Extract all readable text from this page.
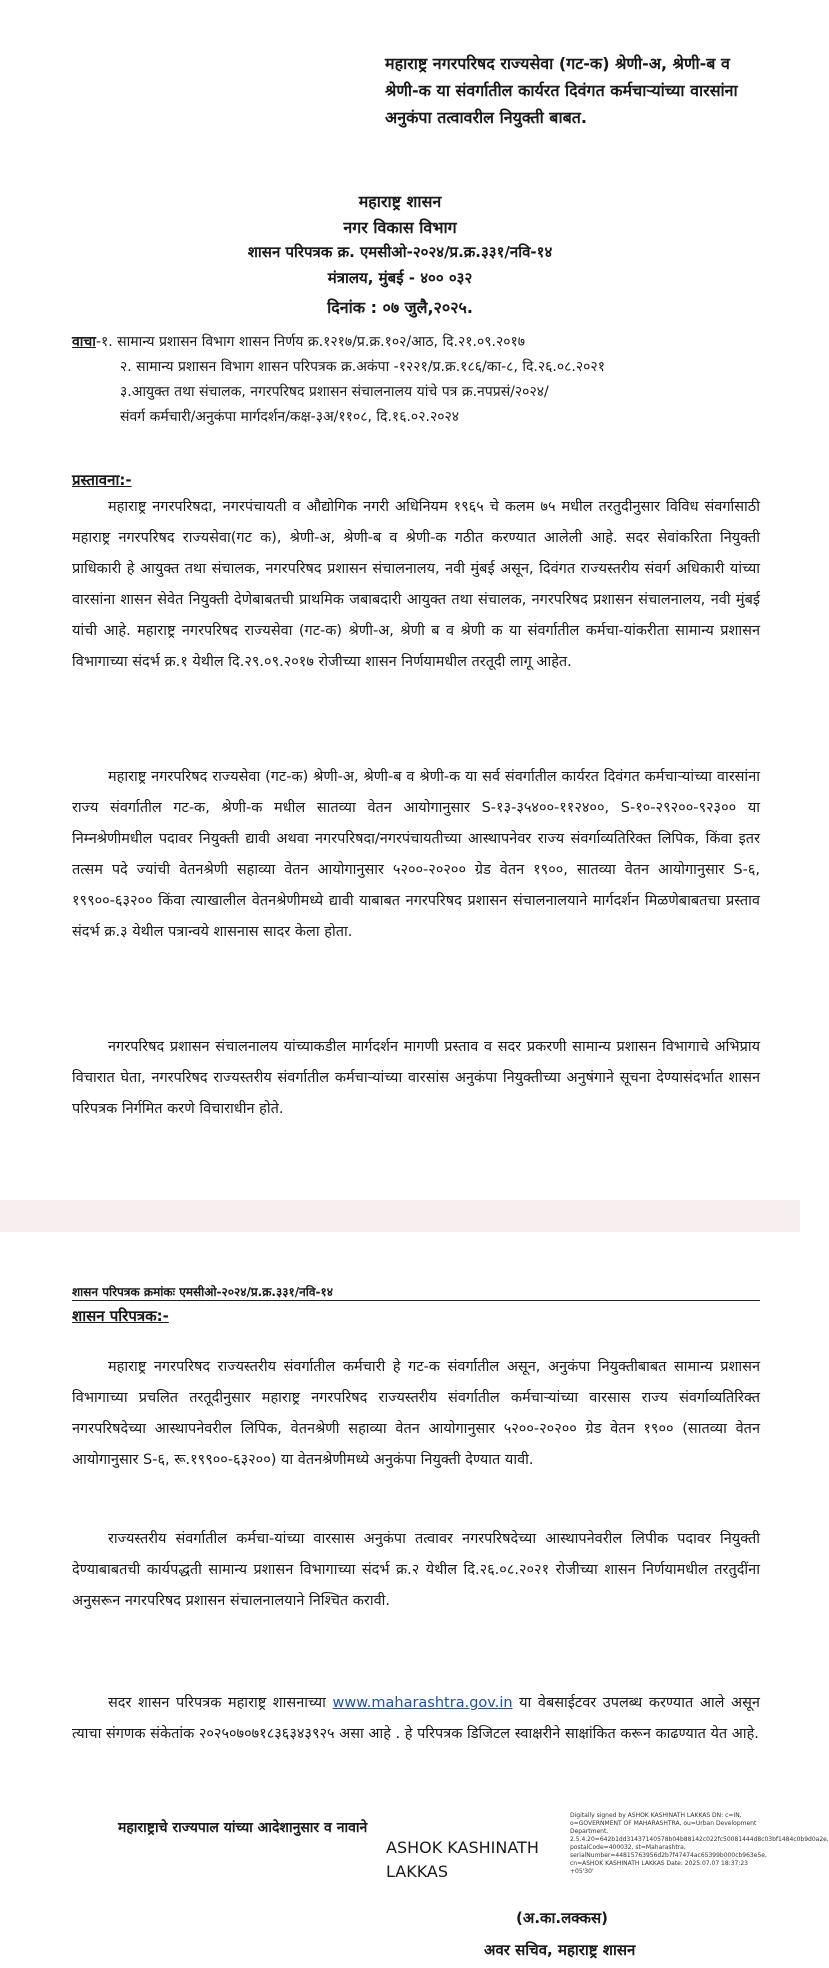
महाराष्ट्र नगरपरिषद राज्यसेवा (गट-क) श्रेणी-अ, श्रेणी-ब व श्रेणी-क या संवर्गातील कार्यरत दिवंगत कर्मचाऱ्यांच्या वारसांना अनुकंपा तत्वावरील नियुक्ती बाबत.
महाराष्ट्र शासन
नगर विकास विभाग
शासन परिपत्रक क्र. एमसीओ-२०२४/प्र.क्र.३३१/नवि-१४
मंत्रालय, मुंबई - ४०० ०३२
दिनांक : ०७ जुलै,२०२५.
वाचा-१. सामान्य प्रशासन विभाग शासन निर्णय क्र.१२१७/प्र.क्र.१०२/आठ, दि.२१.०९.२०१७
२. सामान्य प्रशासन विभाग शासन परिपत्रक क्र.अकंपा -१२२१/प्र.क्र.१८६/का-८, दि.२६.०८.२०२१
३.आयुक्त तथा संचालक, नगरपरिषद प्रशासन संचालनालय यांचे पत्र क्र.नपप्रसं/२०२४/
संवर्ग कर्मचारी/अनुकंपा मार्गदर्शन/कक्ष-३अ/११०८, दि.१६.०२.२०२४
प्रस्तावना:-
महाराष्ट्र नगरपरिषदा, नगरपंचायती व औद्योगिक नगरी अधिनियम १९६५ चे कलम ७५ मधील तरतुदीनुसार विविध संवर्गासाठी महाराष्ट्र नगरपरिषद राज्यसेवा(गट क), श्रेणी-अ, श्रेणी-ब व श्रेणी-क गठीत करण्यात आलेली आहे. सदर सेवांकरिता नियुक्ती प्राधिकारी हे आयुक्त तथा संचालक, नगरपरिषद प्रशासन संचालनालय, नवी मुंबई असून, दिवंगत राज्यस्तरीय संवर्ग अधिकारी यांच्या वारसांना शासन सेवेत नियुक्ती देणेबाबतची प्राथमिक जबाबदारी आयुक्त तथा संचालक, नगरपरिषद प्रशासन संचालनालय, नवी मुंबई यांची आहे. महाराष्ट्र नगरपरिषद राज्यसेवा (गट-क) श्रेणी-अ, श्रेणी ब व श्रेणी क या संवर्गातील कर्मचा-यांकरीता सामान्य प्रशासन विभागाच्या संदर्भ क्र.१ येथील दि.२९.०९.२०१७ रोजीच्या शासन निर्णयामधील तरतूदी लागू आहेत.
महाराष्ट्र नगरपरिषद राज्यसेवा (गट-क) श्रेणी-अ, श्रेणी-ब व श्रेणी-क या सर्व संवर्गातील कार्यरत दिवंगत कर्मचाऱ्यांच्या वारसांना राज्य संवर्गातील गट-क, श्रेणी-क मधील सातव्या वेतन आयोगानुसार S-१३-३५४००-११२४००, S-१०-२९२००-९२३०० या निम्नश्रेणीमधील पदावर नियुक्ती द्यावी अथवा नगरपरिषदा/नगरपंचायतीच्या आस्थापनेवर राज्य संवर्गाव्यतिरिक्त लिपिक, किंवा इतर तत्सम पदे ज्यांची वेतनश्रेणी सहाव्या वेतन आयोगानुसार ५२००-२०२०० ग्रेड वेतन १९००, सातव्या वेतन आयोगानुसार S-६, १९९००-६३२०० किंवा त्याखालील वेतनश्रेणीमध्ये द्यावी याबाबत नगरपरिषद प्रशासन संचालनालयाने मार्गदर्शन मिळणेबाबतचा प्रस्ताव संदर्भ क्र.३ येथील पत्रान्वये शासनास सादर केला होता.
नगरपरिषद प्रशासन संचालनालय यांच्याकडील मार्गदर्शन मागणी प्रस्ताव व सदर प्रकरणी सामान्य प्रशासन विभागाचे अभिप्राय विचारात घेता, नगरपरिषद राज्यस्तरीय संवर्गातील कर्मचाऱ्यांच्या वारसांस अनुकंपा नियुक्तीच्या अनुषंगाने सूचना देण्यासंदर्भात शासन परिपत्रक निर्गमित करणे विचाराधीन होते.
शासन परिपत्रक क्रमांकः एमसीओ-२०२४/प्र.क्र.३३१/नवि-१४
शासन परिपत्रक:-
महाराष्ट्र नगरपरिषद राज्यस्तरीय संवर्गातील कर्मचारी हे गट-क संवर्गातील असून, अनुकंपा नियुक्तीबाबत सामान्य प्रशासन विभागाच्या प्रचलित तरतूदीनुसार महाराष्ट्र नगरपरिषद राज्यस्तरीय संवर्गातील कर्मचाऱ्यांच्या वारसास राज्य संवर्गाव्यतिरिक्त नगरपरिषदेच्या आस्थापनेवरील लिपिक, वेतनश्रेणी सहाव्या वेतन आयोगानुसार ५२००-२०२०० ग्रेड वेतन १९०० (सातव्या वेतन आयोगानुसार S-६, रू.१९९००-६३२००) या वेतनश्रेणीमध्ये अनुकंपा नियुक्ती देण्यात यावी.
राज्यस्तरीय संवर्गातील कर्मचा-यांच्या वारसास अनुकंपा तत्वावर नगरपरिषदेच्या आस्थापनेवरील लिपीक पदावर नियुक्ती देण्याबाबतची कार्यपद्धती सामान्य प्रशासन विभागाच्या संदर्भ क्र.२ येथील दि.२६.०८.२०२१ रोजीच्या शासन निर्णयामधील तरतुदींना अनुसरून नगरपरिषद प्रशासन संचालनालयाने निश्चित करावी.
सदर शासन परिपत्रक महाराष्ट्र शासनाच्या www.maharashtra.gov.in या वेबसाईटवर उपलब्ध करण्यात आले असून त्याचा संगणक संकेतांक २०२५०७०७१८३६३४३९२५ असा आहे . हे परिपत्रक डिजिटल स्वाक्षरीने साक्षांकित करून काढण्यात येत आहे.
महाराष्ट्राचे राज्यपाल यांच्या आदेशानुसार व नावाने
ASHOK KASHINATH
LAKKAS
Digitally signed by ASHOK KASHINATH LAKKAS DN: c=IN, o=GOVERNMENT OF MAHARASHTRA, ou=Urban Development Department, 2.5.4.20=642b1dd31437140578b04b88142c022fc50081444d8c03bf1484c0b9d0a2e, postalCode=400032, st=Maharashtra, serialNumber=44815763956d2b7f47474ac65399b000cb963e5e, cn=ASHOK KASHINATH LAKKAS Date: 2025.07.07 18:37:23 +05'30'
(अ.का.लक्कस)
अवर सचिव, महाराष्ट्र शासन
